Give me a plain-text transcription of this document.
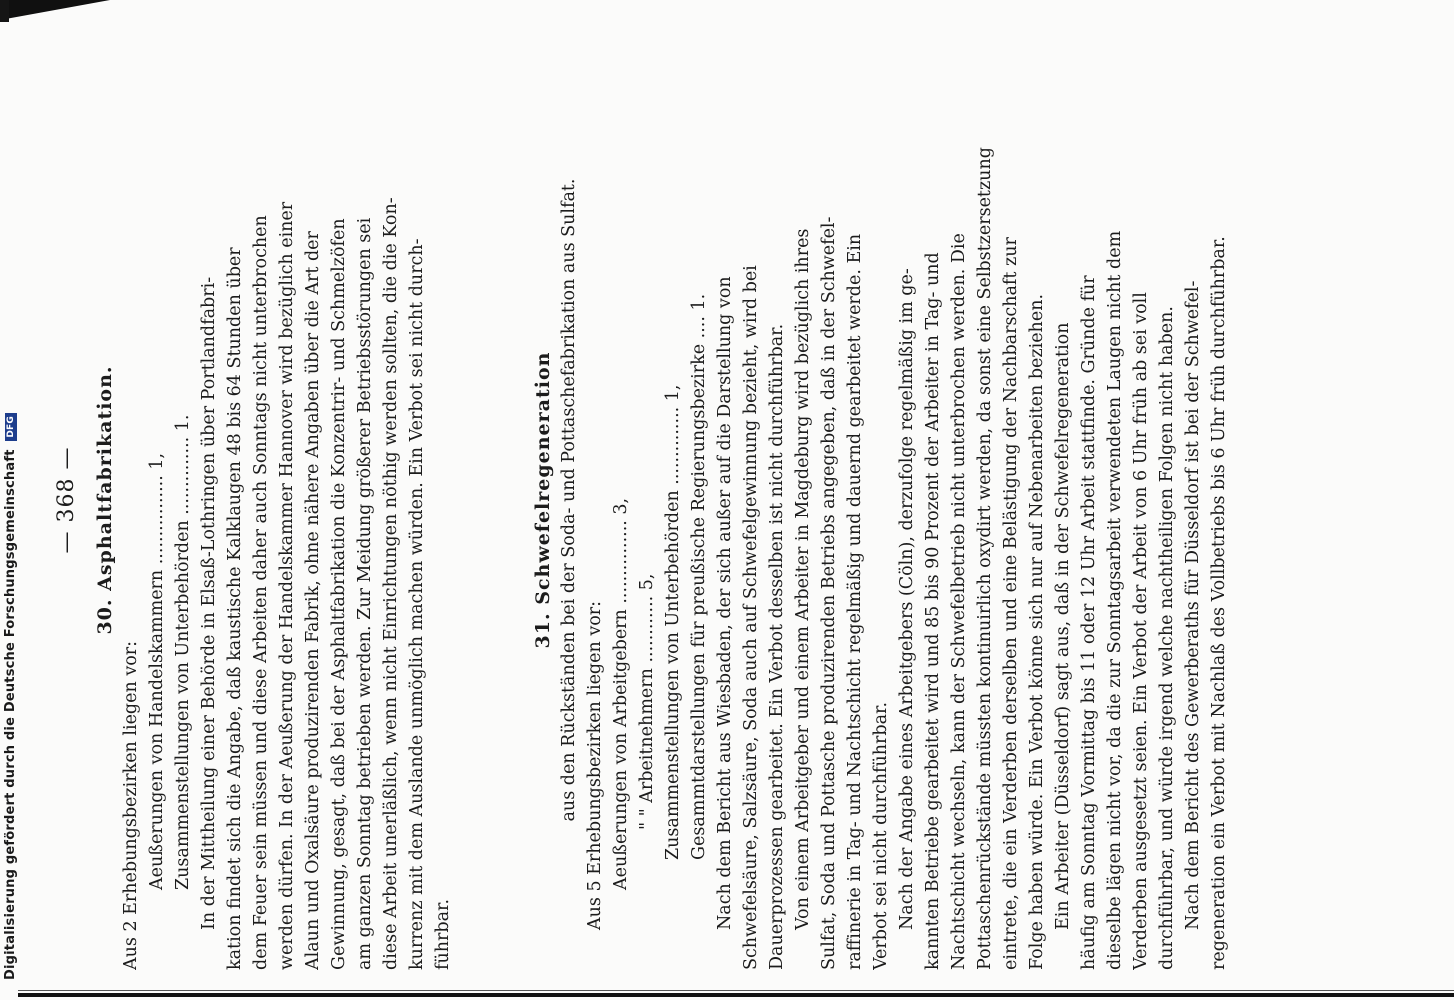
Digitalisierung gefördert durch die Deutsche Forschungsgemeinschaft DFG
— 368 — 30. Asphaltfabrikation.
Aus 2 Erhebungsbezirken liegen vor: Aeußerungen von Handelskammern ................ 1, Zusammenstellungen von Unterbehörden .............. 1. In der Mittheilung einer Behörde in Elsaß-Lothringen über Portlandfabri- kation findet sich die Angabe, daß kaustische Kalklaugen 48 bis 64 Stunden über dem Feuer sein müssen und diese Arbeiten daher auch Sonntags nicht unterbrochen werden dürfen. In der Aeußerung der Handelskammer Hannover wird bezüglich einer Alaun und Oxalsäure produzirenden Fabrik, ohne nähere Angaben über die Art der Gewinnung, gesagt, daß bei der Asphaltfabrikation die Konzentrir- und Schmelzöfen am ganzen Sonntag betrieben werden. Zur Meidung größerer Betriebsstörungen sei diese Arbeit unerläßlich, wenn nicht Einrichtungen nöthig werden sollten, die die Kon- kurrenz mit dem Auslande unmöglich machen würden. Ein Verbot sei nicht durch- führbar.
31. Schwefelregeneration aus den Rückständen bei der Soda- und Pottaschefabrikation aus Sulfat. Aus 5 Erhebungsbezirken liegen vor: Aeußerungen von Arbeitgebern ............... 3, " " Arbeitnehmern ............ 5, Zusammenstellungen von Unterbehörden .............. 1, Gesammtdarstellungen für preußische Regierungsbezirke .... 1. Nach dem Bericht aus Wiesbaden, der sich außer auf die Darstellung von Schwefelsäure, Salzsäure, Soda auch auf Schwefelgewinnung bezieht, wird bei Dauerprozessen gearbeitet. Ein Verbot desselben ist nicht durchführbar. Von einem Arbeitgeber und einem Arbeiter in Magdeburg wird bezüglich ihres Sulfat, Soda und Pottasche produzirenden Betriebs angegeben, daß in der Schwefel- raffinerie in Tag- und Nachtschicht regelmäßig und dauernd gearbeitet werde. Ein Verbot sei nicht durchführbar. Nach der Angabe eines Arbeitgebers (Cöln), derzufolge regelmäßig im ge- kannten Betriebe gearbeitet wird und 85 bis 90 Prozent der Arbeiter in Tag- und Nachtschicht wechseln, kann der Schwefelbetrieb nicht unterbrochen werden. Die Pottaschenrückstände müssten kontinuirlich oxydirt werden, da sonst eine Selbstzersetzung eintrete, die ein Verderben derselben und eine Belästigung der Nachbarschaft zur Folge haben würde. Ein Verbot könne sich nur auf Nebenarbeiten beziehen. Ein Arbeiter (Düsseldorf) sagt aus, daß in der Schwefelregeneration häufig am Sonntag Vormittag bis 11 oder 12 Uhr Arbeit stattfinde. Gründe für dieselbe lägen nicht vor, da die zur Sonntagsarbeit verwendeten Laugen nicht dem Verderben ausgesetzt seien. Ein Verbot der Arbeit von 6 Uhr früh ab sei voll durchführbar, und würde irgend welche nachtheiligen Folgen nicht haben. Nach dem Bericht des Gewerberaths für Düsseldorf ist bei der Schwefel- regeneration ein Verbot mit Nachlaß des Vollbetriebs bis 6 Uhr früh durchführbar.
